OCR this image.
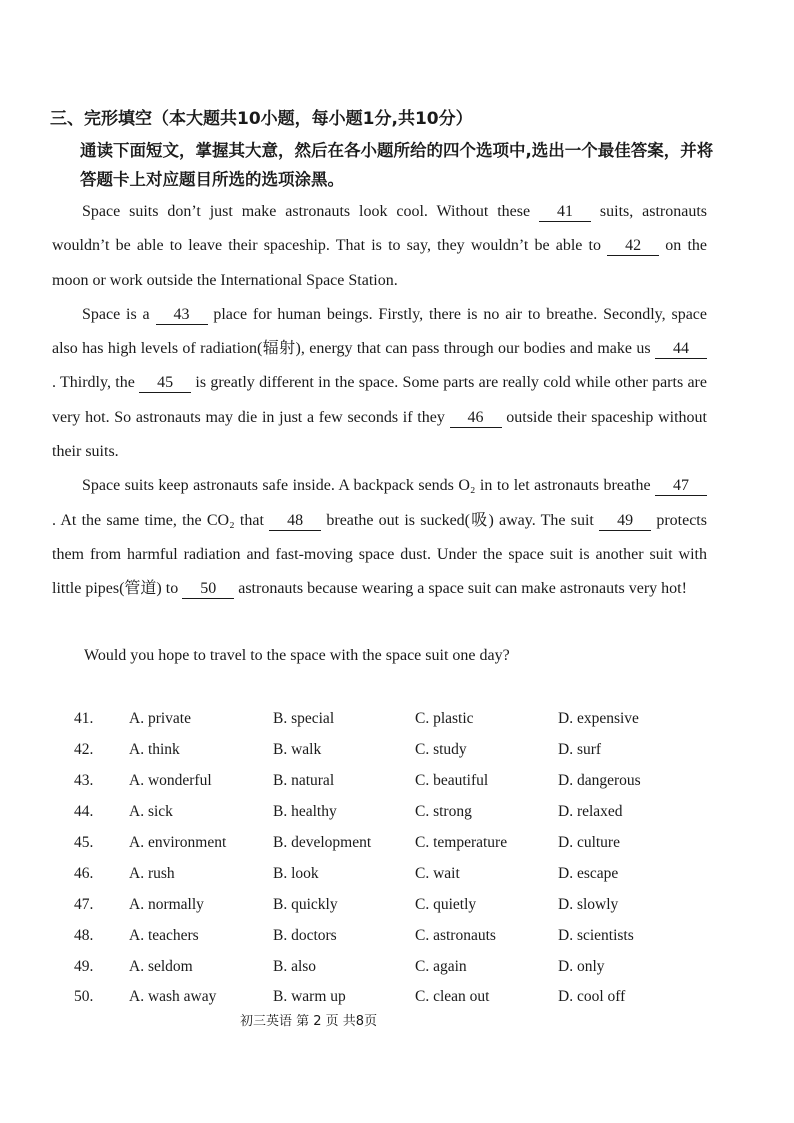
三、完形填空（本大题共10小题，每小题1分,共10分）
通读下面短文，掌握其大意，然后在各小题所给的四个选项中,选出一个最佳答案，并将答题卡上对应题目所选的选项涂黑。

Space suits don’t just make astronauts look cool. Without these 41 suits, astronauts wouldn’t be able to leave their spaceship. That is to say, they wouldn’t be able to 42 on the moon or work outside the International Space Station.

Space is a 43 place for human beings. Firstly, there is no air to breathe. Secondly, space also has high levels of radiation(辐射), energy that can pass through our bodies and make us 44 . Thirdly, the 45 is greatly different in the space. Some parts are really cold while other parts are very hot. So astronauts may die in just a few seconds if they 46 outside their spaceship without their suits.

Space suits keep astronauts safe inside. A backpack sends O₂ in to let astronauts breathe 47 . At the same time, the CO₂ that 48 breathe out is sucked(吸) away. The suit 49 protects them from harmful radiation and fast-moving space dust. Under the space suit is another suit with little pipes(管道) to 50 astronauts because wearing a space suit can make astronauts very hot!

Would you hope to travel to the space with the space suit one day?
41.	A. private	B. special	C. plastic	D. expensive
42.	A. think	B. walk	C. study	D. surf
43.	A. wonderful	B. natural	C. beautiful	D. dangerous
44.	A. sick	B. healthy	C. strong	D. relaxed
45.	A. environment	B. development	C. temperature	D. culture
46.	A. rush	B. look	C. wait	D. escape
47.	A. normally	B. quickly	C. quietly	D. slowly
48.	A. teachers	B. doctors	C. astronauts	D. scientists
49.	A. seldom	B. also	C. again	D. only
50.	A. wash away	B. warm up	C. clean out	D. cool off
初三英语 第 2 页 共8页
